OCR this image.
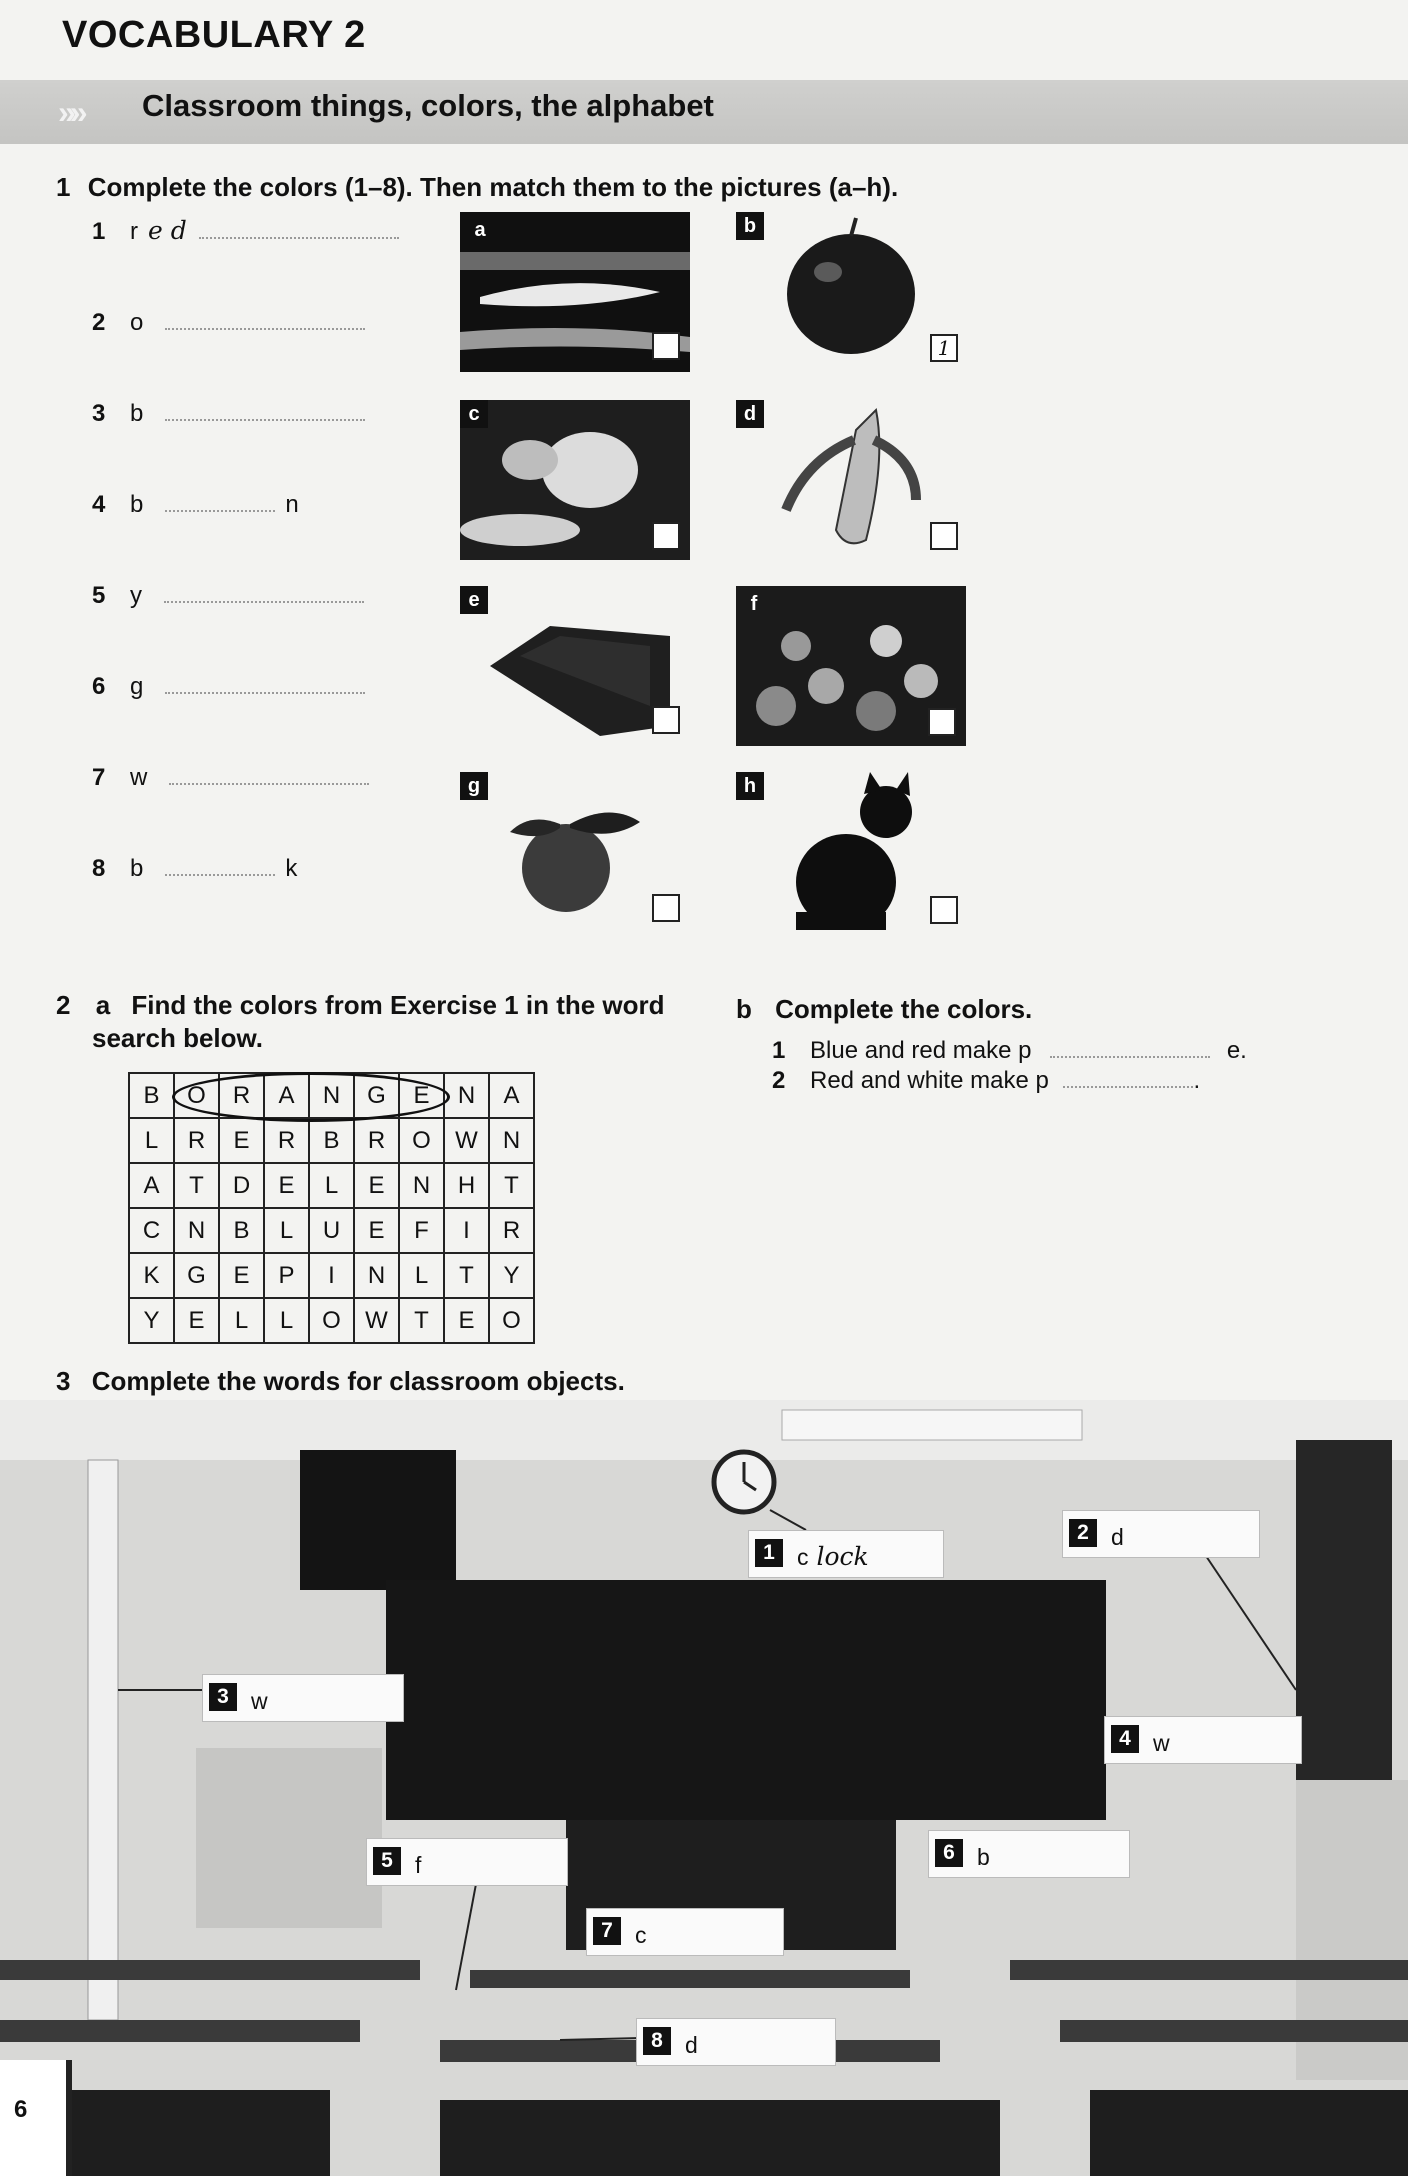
VOCABULARY 2
»» Classroom things, colors, the alphabet
1 Complete the colors (1–8). Then match them to the pictures (a–h).
1 r e d
2 o
3 b
4 b	n
5 y
6 g
7 w
8 b	k
a	b
1
c	d
e	f
g	h
2 a Find the colors from Exercise 1 in the word
search below.
B	O	R	A	N	G	E	N	A
L	R	E	R	B	R	O	W	N
A	T	D	E	L	E	N	H	T
C	N	B	L	U	E	F	I	R
K	G	E	P	I	N	L	T	Y
Y	E	L	L	O	W	T	E	O
b Complete the colors.
1 Blue and red make p	e.
2 Red and white make p	.
3 Complete the words for classroom objects.
1 c lock
2 d
3 w
4 w
5 f	6 b
7 c
8 d
6
